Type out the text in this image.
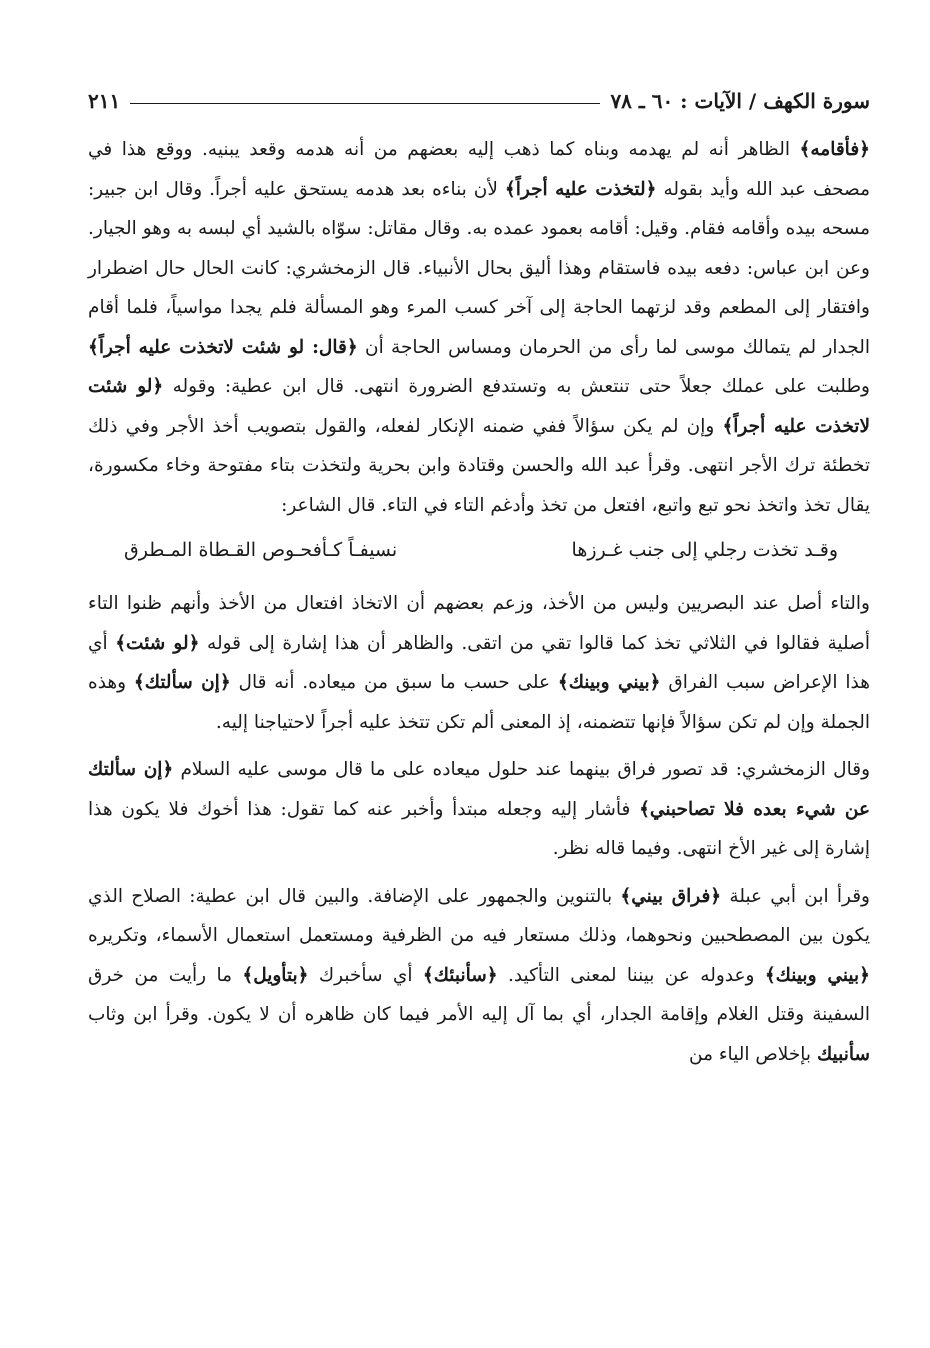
سورة الكهف / الآيات : ٦٠ ـ ٧٨
٢١١

﴿فأقامه﴾ الظاهر أنه لم يهدمه وبناه كما ذهب إليه بعضهم من أنه هدمه وقعد يبنيه. ووقع هذا في مصحف عبد الله وأيد بقوله ﴿لتخذت عليه أجراً﴾ لأن بناءه بعد هدمه يستحق عليه أجراً. وقال ابن جبير: مسحه بيده وأقامه فقام. وقيل: أقامه بعمود عمده به. وقال مقاتل: سوّاه بالشيد أي لبسه به وهو الجيار. وعن ابن عباس: دفعه بيده فاستقام وهذا أليق بحال الأنبياء. قال الزمخشري: كانت الحال حال اضطرار وافتقار إلى المطعم وقد لزتهما الحاجة إلى آخر كسب المرء وهو المسألة فلم يجدا مواسياً، فلما أقام الجدار لم يتمالك موسى لما رأى من الحرمان ومساس الحاجة أن ﴿قال: لو شئت لاتخذت عليه أجراً﴾ وطلبت على عملك جعلاً حتى تنتعش به وتستدفع الضرورة انتهى. قال ابن عطية: وقوله ﴿لو شئت لاتخذت عليه أجراً﴾ وإن لم يكن سؤالاً ففي ضمنه الإنكار لفعله، والقول بتصويب أخذ الأجر وفي ذلك تخطئة ترك الأجر انتهى. وقرأ عبد الله والحسن وقتادة وابن بحرية ولتخذت بتاء مفتوحة وخاء مكسورة، يقال تخذ واتخذ نحو تبع واتبع، افتعل من تخذ وأدغم التاء في التاء. قال الشاعر:

وقـد تخذت رجلي إلى جنب غـرزها
نسيفـاً كـأفحـوص القـطاة المـطرق

والتاء أصل عند البصريين وليس من الأخذ، وزعم بعضهم أن الاتخاذ افتعال من الأخذ وأنهم ظنوا التاء أصلية فقالوا في الثلاثي تخذ كما قالوا تقي من اتقى. والظاهر أن هذا إشارة إلى قوله ﴿لو شئت﴾ أي هذا الإعراض سبب الفراق ﴿بيني وبينك﴾ على حسب ما سبق من ميعاده. أنه قال ﴿إن سألتك﴾ وهذه الجملة وإن لم تكن سؤالاً فإنها تتضمنه، إذ المعنى ألم تكن تتخذ عليه أجراً لاحتياجنا إليه.

وقال الزمخشري: قد تصور فراق بينهما عند حلول ميعاده على ما قال موسى عليه السلام ﴿إن سألتك عن شيء بعده فلا تصاحبني﴾ فأشار إليه وجعله مبتدأ وأخبر عنه كما تقول: هذا أخوك فلا يكون هذا إشارة إلى غير الأخ انتهى. وفيما قاله نظر.

وقرأ ابن أبي عبلة ﴿فراق بيني﴾ بالتنوين والجمهور على الإضافة. والبين قال ابن عطية: الصلاح الذي يكون بين المصطحبين ونحوهما، وذلك مستعار فيه من الظرفية ومستعمل استعمال الأسماء، وتكريره ﴿بيني وبينك﴾ وعدوله عن بيننا لمعنى التأكيد. ﴿سأنبئك﴾ أي سأخبرك ﴿بتأويل﴾ ما رأيت من خرق السفينة وقتل الغلام وإقامة الجدار، أي بما آل إليه الأمر فيما كان ظاهره أن لا يكون. وقرأ ابن وثاب سأنبيك بإخلاص الياء من
